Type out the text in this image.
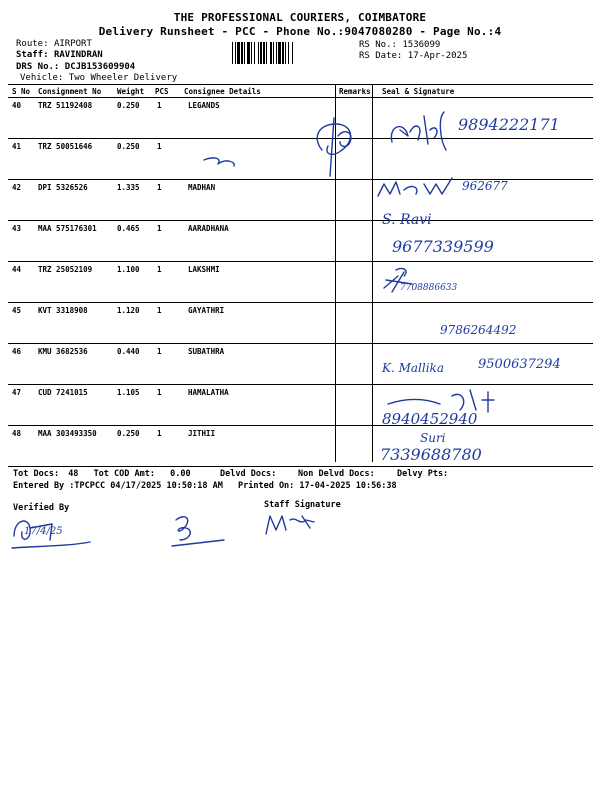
THE PROFESSIONAL COURIERS, COIMBATORE
Delivery Runsheet - PCC - Phone No.:9047080280 - Page No.:4
Route: AIRPORT
Staff: RAVINDRAN
DRS No.: DCJB153609904
Vehicle: Two Wheeler Delivery
RS No.: 1536099
RS Date: 17-Apr-2025
S No Consignment No Weight PCS Consignee Details	Remarks Seal & Signature
40 TRZ 51192408	0.250 1	LEGANDS
41 TRZ 50051646	0.250 1
42 DPI 5326526	1.335 1	MADHAN
43 MAA 575176301	0.465 1	AARADHANA
44 TRZ 25052109	1.100 1	LAKSHMI
45 KVT 3318908	1.120 1	GAYATHRI
46 KMU 3682536	0.440 1	SUBATHRA
47 CUD 7241015	1.105 1	HAMALATHA
48 MAA 303493350	0.250 1	JITHII
Tot Docs: 48 Tot COD Amt: 0.00	Delvd Docs:	Non Delvd Docs:	Delvy Pts:
Entered By :TPCPCC 04/17/2025 10:50:18 AM Printed On: 17-04-2025 10:56:38
Verified By	Staff Signature
9894222171
962677
S. Ravi
9677339599
7708886633
9786264492
K. Mallika	9500637294
8940452940
Suri
7339688780
17/4/25
